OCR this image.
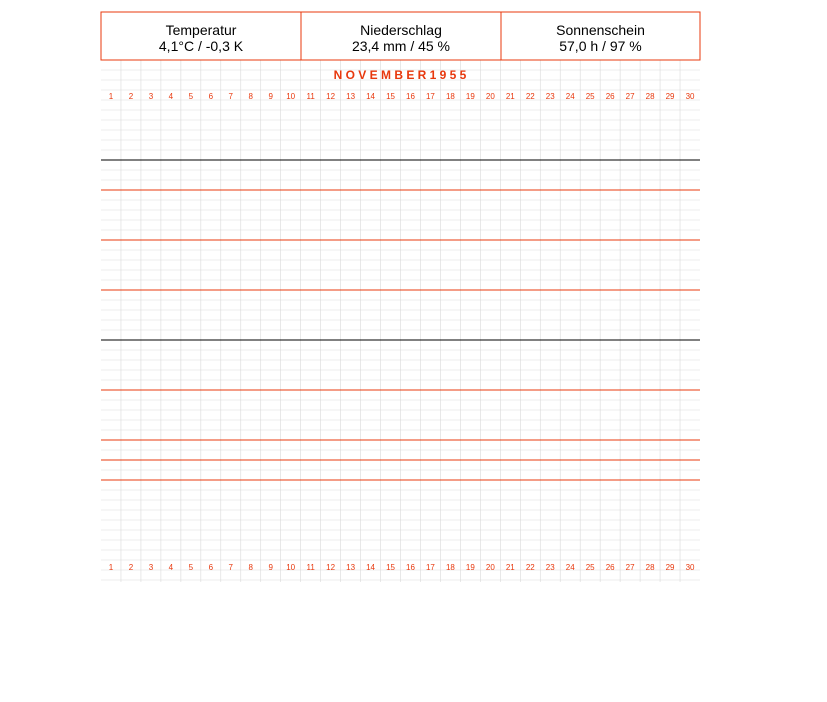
N O V E M B E R 1 9 5 5
1
1
2
2
3
3
4
4
5
5
6
6
7
7
8
8
9
9
10
10
11
11
12
12
13
13
14
14
15
15
16
16
17
17
18
18
19
19
20
20
21
21
22
22
23
23
24
24
25
25
26
26
27
27
28
28
29
29
30
30
Temperatur
4,1°C / -0,3 K
Niederschlag
23,4 mm / 45 %
Sonnenschein
57,0 h / 97 %
